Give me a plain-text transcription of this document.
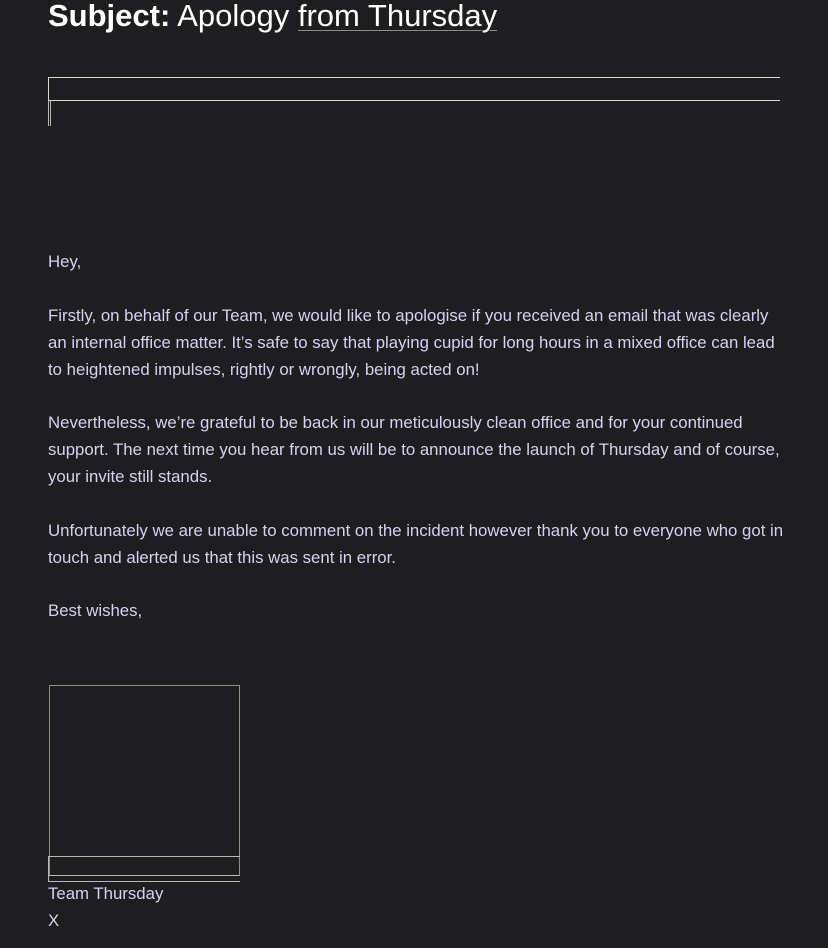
Subject: Apology from Thursday

Hey,

Firstly, on behalf of our Team, we would like to apologise if you received an email that was clearly an internal office matter. It’s safe to say that playing cupid for long hours in a mixed office can lead to heightened impulses, rightly or wrongly, being acted on!

Nevertheless, we’re grateful to be back in our meticulously clean office and for your continued support. The next time you hear from us will be to announce the launch of Thursday and of course, your invite still stands.

Unfortunately we are unable to comment on the incident however thank you to everyone who got in touch and alerted us that this was sent in error.

Best wishes,

Team Thursday

X
